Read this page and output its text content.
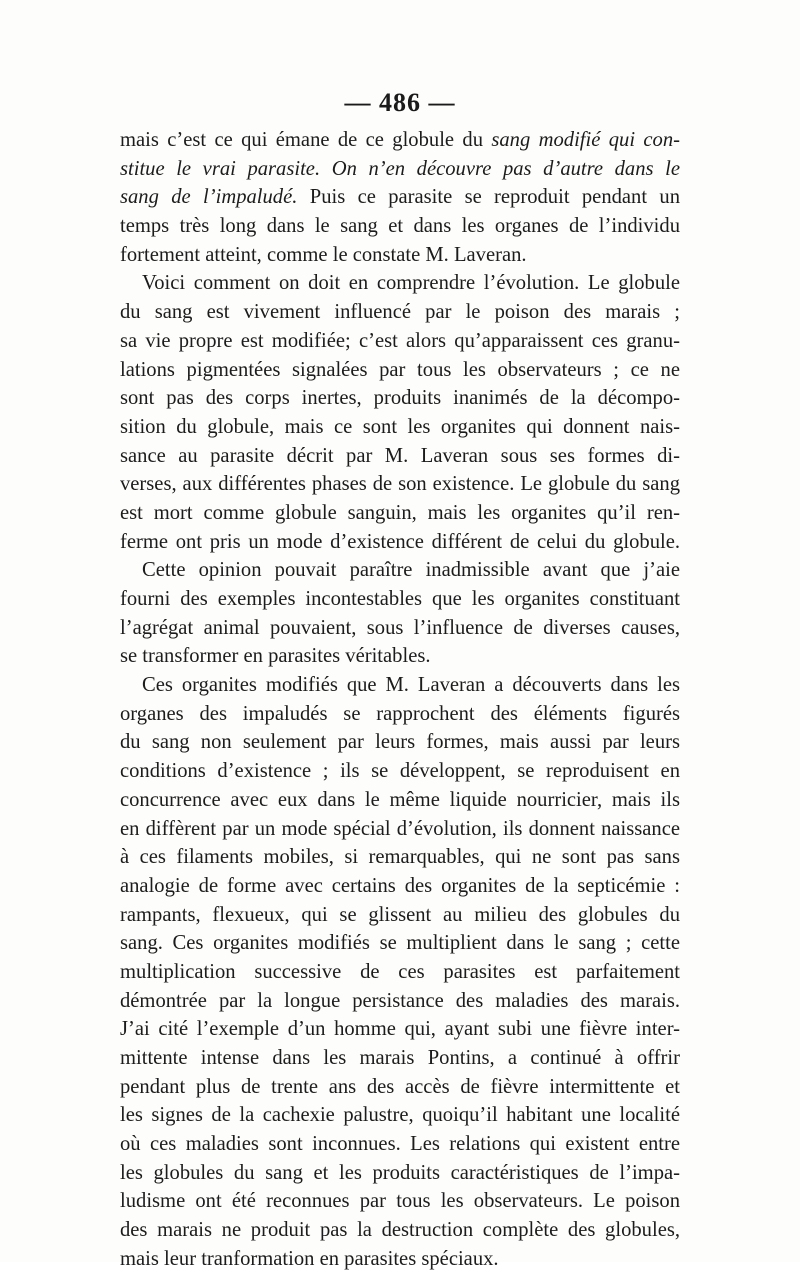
— 486 —
mais c’est ce qui émane de ce globule du sang modifié qui con-
stitue le vrai parasite. On n’en découvre pas d’autre dans le
sang de l’impaludé. Puis ce parasite se reproduit pendant un
temps très long dans le sang et dans les organes de l’individu
fortement atteint, comme le constate M. Laveran.
Voici comment on doit en comprendre l’évolution. Le globule
du sang est vivement influencé par le poison des marais ;
sa vie propre est modifiée; c’est alors qu’apparaissent ces granu-
lations pigmentées signalées par tous les observateurs ; ce ne
sont pas des corps inertes, produits inanimés de la décompo-
sition du globule, mais ce sont les organites qui donnent nais-
sance au parasite décrit par M. Laveran sous ses formes di-
verses, aux différentes phases de son existence. Le globule du sang
est mort comme globule sanguin, mais les organites qu’il ren-
ferme ont pris un mode d’existence différent de celui du globule.
Cette opinion pouvait paraître inadmissible avant que j’aie
fourni des exemples incontestables que les organites constituant
l’agrégat animal pouvaient, sous l’influence de diverses causes,
se transformer en parasites véritables.
Ces organites modifiés que M. Laveran a découverts dans les
organes des impaludés se rapprochent des éléments figurés
du sang non seulement par leurs formes, mais aussi par leurs
conditions d’existence ; ils se développent, se reproduisent en
concurrence avec eux dans le même liquide nourricier, mais ils
en diffèrent par un mode spécial d’évolution, ils donnent naissance
à ces filaments mobiles, si remarquables, qui ne sont pas sans
analogie de forme avec certains des organites de la septicémie :
rampants, flexueux, qui se glissent au milieu des globules du
sang. Ces organites modifiés se multiplient dans le sang ; cette
multiplication successive de ces parasites est parfaitement
démontrée par la longue persistance des maladies des marais.
J’ai cité l’exemple d’un homme qui, ayant subi une fièvre inter-
mittente intense dans les marais Pontins, a continué à offrir
pendant plus de trente ans des accès de fièvre intermittente et
les signes de la cachexie palustre, quoiqu’il habitant une localité
où ces maladies sont inconnues. Les relations qui existent entre
les globules du sang et les produits caractéristiques de l’impa-
ludisme ont été reconnues par tous les observateurs. Le poison
des marais ne produit pas la destruction complète des globules,
mais leur tranformation en parasites spéciaux.
